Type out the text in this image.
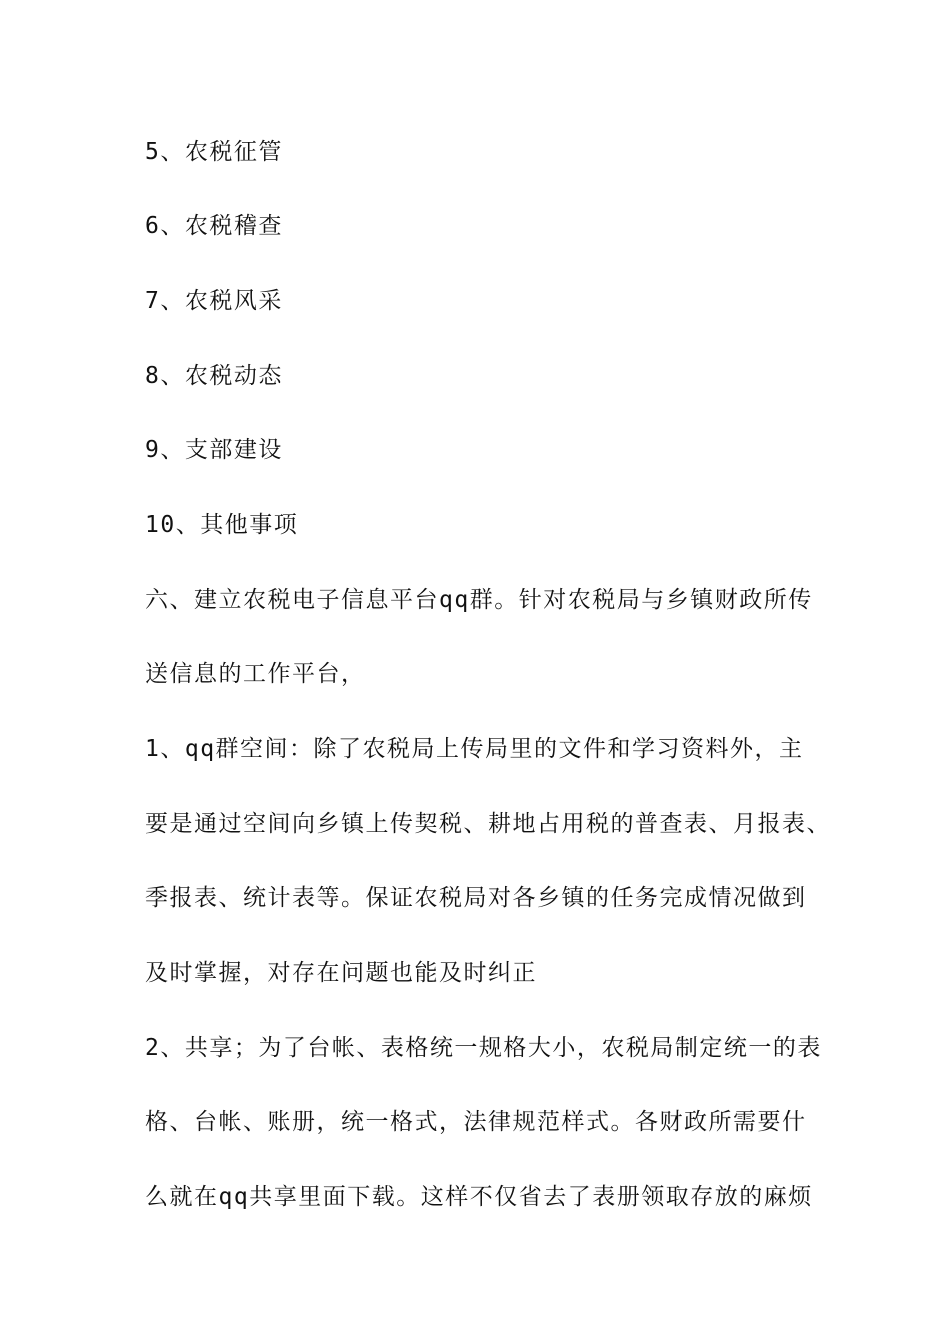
5、农税征管
6、农税稽查
7、农税风采
8、农税动态
9、支部建设
10、其他事项
六、建立农税电子信息平台qq群。针对农税局与乡镇财政所传
送信息的工作平台，
1、qq群空间：除了农税局上传局里的文件和学习资料外，主
要是通过空间向乡镇上传契税、耕地占用税的普查表、月报表、
季报表、统计表等。保证农税局对各乡镇的任务完成情况做到
及时掌握，对存在问题也能及时纠正
2、共享；为了台帐、表格统一规格大小，农税局制定统一的表
格、台帐、账册，统一格式，法律规范样式。各财政所需要什
么就在qq共享里面下载。这样不仅省去了表册领取存放的麻烦
